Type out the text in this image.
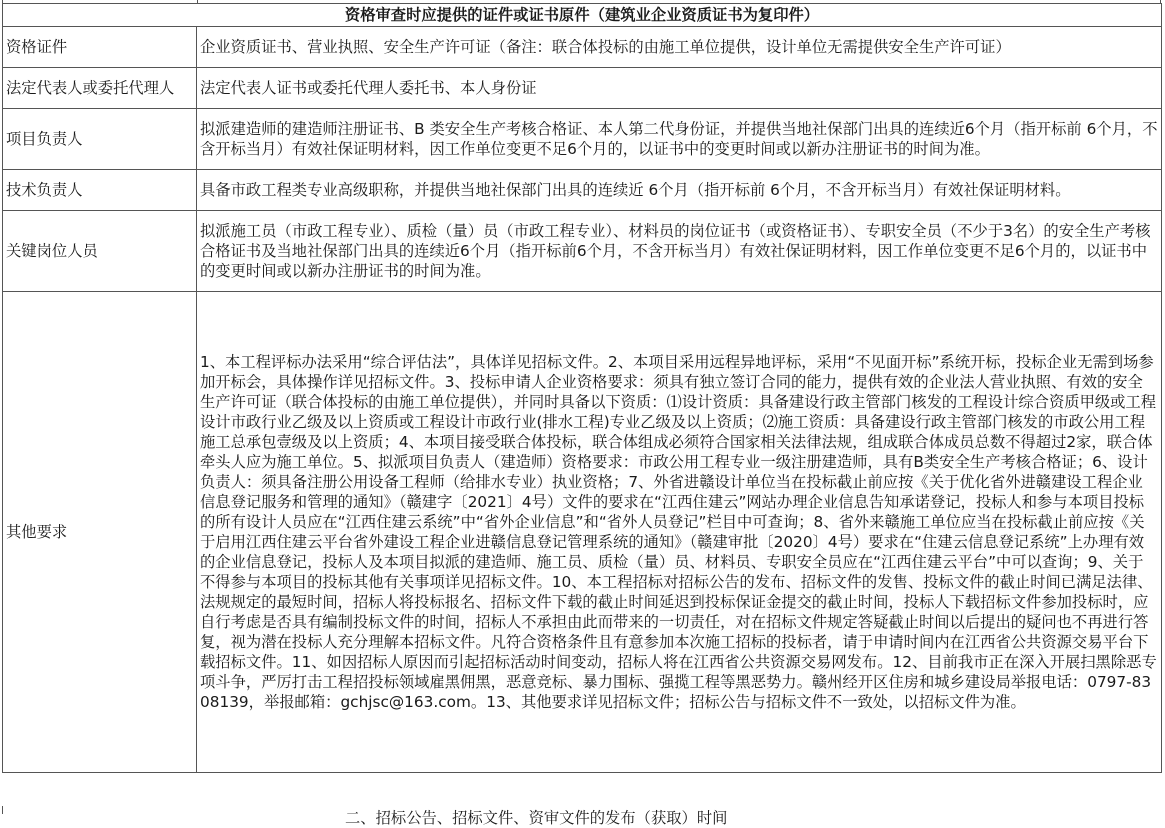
资格审查时应提供的证件或证书原件（建筑业企业资质证书为复印件）	
资格证件	企业资质证书、营业执照、安全生产许可证（备注：联合体投标的由施工单位提供，设计单位无需提供安全生产许可证）
法定代表人或委托代理人	法定代表人证书或委托代理人委托书、本人身份证
项目负责人	拟派建造师的建造师注册证书、B 类安全生产考核合格证、本人第二代身份证，并提供当地社保部门出具的连续近6个月（指开标前 6个月，不含开标当月）有效社保证明材料，因工作单位变更不足6个月的，以证书中的变更时间或以新办注册证书的时间为准。
技术负责人	具备市政工程类专业高级职称，并提供当地社保部门出具的连续近 6个月（指开标前 6个月，不含开标当月）有效社保证明材料。
关键岗位人员	拟派施工员（市政工程专业）、质检（量）员（市政工程专业）、材料员的岗位证书（或资格证书）、专职安全员（不少于3名）的安全生产考核合格证书及当地社保部门出具的连续近6个月（指开标前6个月，不含开标当月）有效社保证明材料，因工作单位变更不足6个月的，以证书中的变更时间或以新办注册证书的时间为准。
其他要求	1、本工程评标办法采用“综合评估法”，具体详见招标文件。2、本项目采用远程异地评标，采用“不见面开标”系统开标，投标企业无需到场参加开标会，具体操作详见招标文件。3、投标申请人企业资格要求：须具有独立签订合同的能力，提供有效的企业法人营业执照、有效的安全生产许可证（联合体投标的由施工单位提供），并同时具备以下资质：⑴设计资质：具备建设行政主管部门核发的工程设计综合资质甲级或工程设计市政行业乙级及以上资质或工程设计市政行业(排水工程)专业乙级及以上资质；⑵施工资质：具备建设行政主管部门核发的市政公用工程施工总承包壹级及以上资质；4、本项目接受联合体投标，联合体组成必须符合国家相关法律法规，组成联合体成员总数不得超过2家，联合体牵头人应为施工单位。5、拟派项目负责人（建造师）资格要求：市政公用工程专业一级注册建造师，具有B类安全生产考核合格证；6、设计负责人：须具备注册公用设备工程师（给排水专业）执业资格；7、外省进赣设计单位当在投标截止前应按《关于优化省外进赣建设工程企业信息登记服务和管理的通知》（赣建字〔2021〕4号）文件的要求在“江西住建云”网站办理企业信息告知承诺登记，投标人和参与本项目投标的所有设计人员应在“江西住建云系统”中“省外企业信息”和“省外人员登记”栏目中可查询；8、省外来赣施工单位应当在投标截止前应按《关于启用江西住建云平台省外建设工程企业进赣信息登记管理系统的通知》（赣建审批〔2020〕4号）要求在“住建云信息登记系统”上办理有效的企业信息登记，投标人及本项目拟派的建造师、施工员、质检（量）员、材料员、专职安全员应在“江西住建云平台”中可以查询；9、关于不得参与本项目的投标其他有关事项详见招标文件。10、本工程招标对招标公告的发布、招标文件的发售、投标文件的截止时间已满足法律、法规规定的最短时间，招标人将投标报名、招标文件下载的截止时间延迟到投标保证金提交的截止时间，投标人下载招标文件参加投标时，应自行考虑是否具有编制投标文件的时间，招标人不承担由此而带来的一切责任，对在招标文件规定答疑截止时间以后提出的疑问也不再进行答复，视为潜在投标人充分理解本招标文件。凡符合资格条件且有意参加本次施工招标的投标者，请于申请时间内在江西省公共资源交易平台下载招标文件。11、如因招标人原因而引起招标活动时间变动，招标人将在江西省公共资源交易网发布。12、目前我市正在深入开展扫黑除恶专项斗争，严厉打击工程招投标领域雇黑佣黑，恶意竞标、暴力围标、强揽工程等黑恶势力。赣州经开区住房和城乡建设局举报电话：0797-8308139，举报邮箱：gchjsc@163.com。13、其他要求详见招标文件；招标公告与招标文件不一致处，以招标文件为准。
二、招标公告、招标文件、资审文件的发布（获取）时间
